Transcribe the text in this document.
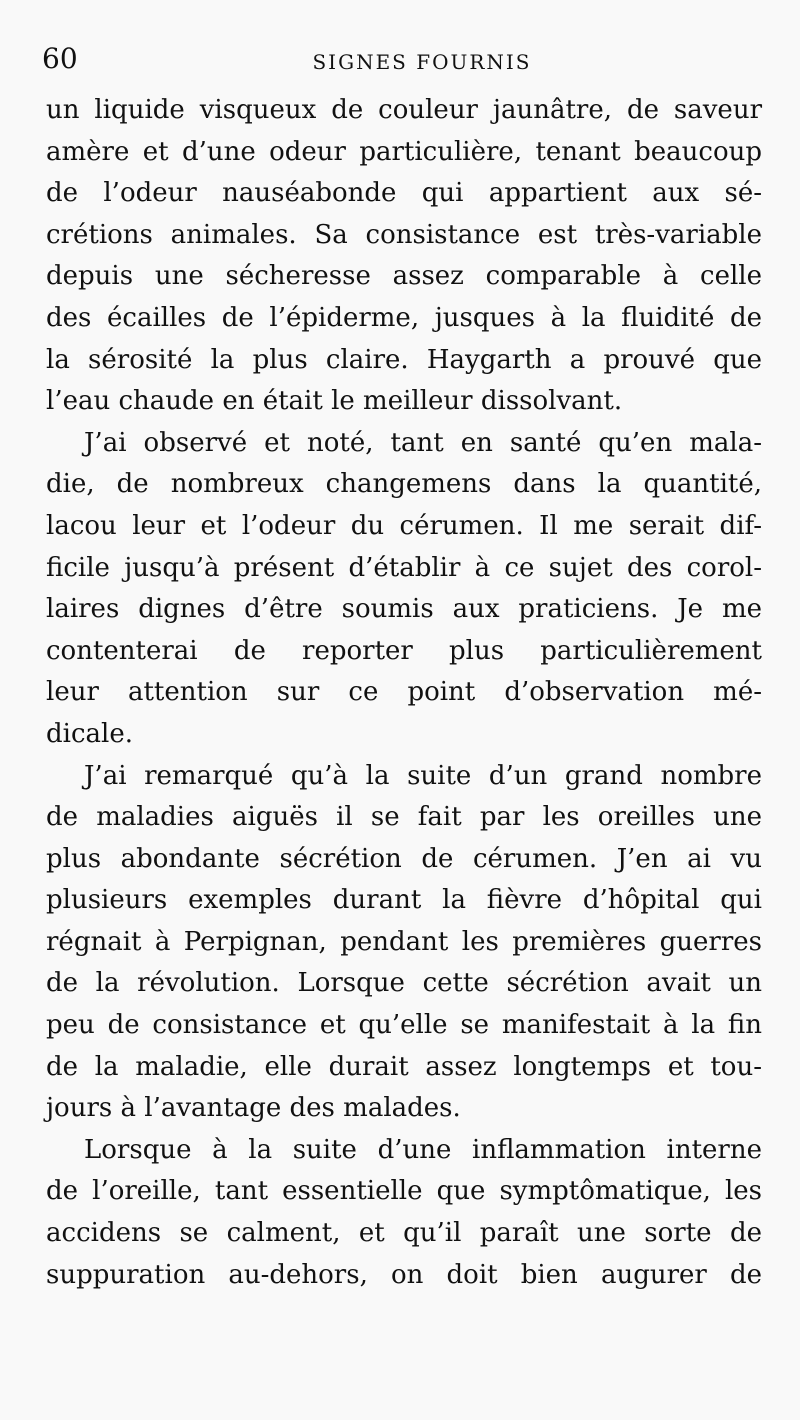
60	SIGNES FOURNIS

un liquide visqueux de couleur jaunâtre, de saveur
amère et d’une odeur particulière, tenant beaucoup
de l’odeur nauséabonde qui appartient aux sé-
crétions animales. Sa consistance est très-variable
depuis une sécheresse assez comparable à celle
des écailles de l’épiderme, jusques à la fluidité de
la sérosité la plus claire. Haygarth a prouvé que
l’eau chaude en était le meilleur dissolvant.

J’ai observé et noté, tant en santé qu’en mala-
die, de nombreux changemens dans la quantité,
lacou leur et l’odeur du cérumen. Il me serait dif-
ficile jusqu’à présent d’établir à ce sujet des corol-
laires dignes d’être soumis aux praticiens. Je me
contenterai de reporter plus particulièrement
leur attention sur ce point d’observation mé-
dicale.

J’ai remarqué qu’à la suite d’un grand nombre
de maladies aiguës il se fait par les oreilles une
plus abondante sécrétion de cérumen. J’en ai vu
plusieurs exemples durant la fièvre d’hôpital qui
régnait à Perpignan, pendant les premières guerres
de la révolution. Lorsque cette sécrétion avait un
peu de consistance et qu’elle se manifestait à la fin
de la maladie, elle durait assez longtemps et tou-
jours à l’avantage des malades.

Lorsque à la suite d’une inflammation interne
de l’oreille, tant essentielle que symptômatique, les
accidens se calment, et qu’il paraît une sorte de
suppuration au-dehors, on doit bien augurer de
